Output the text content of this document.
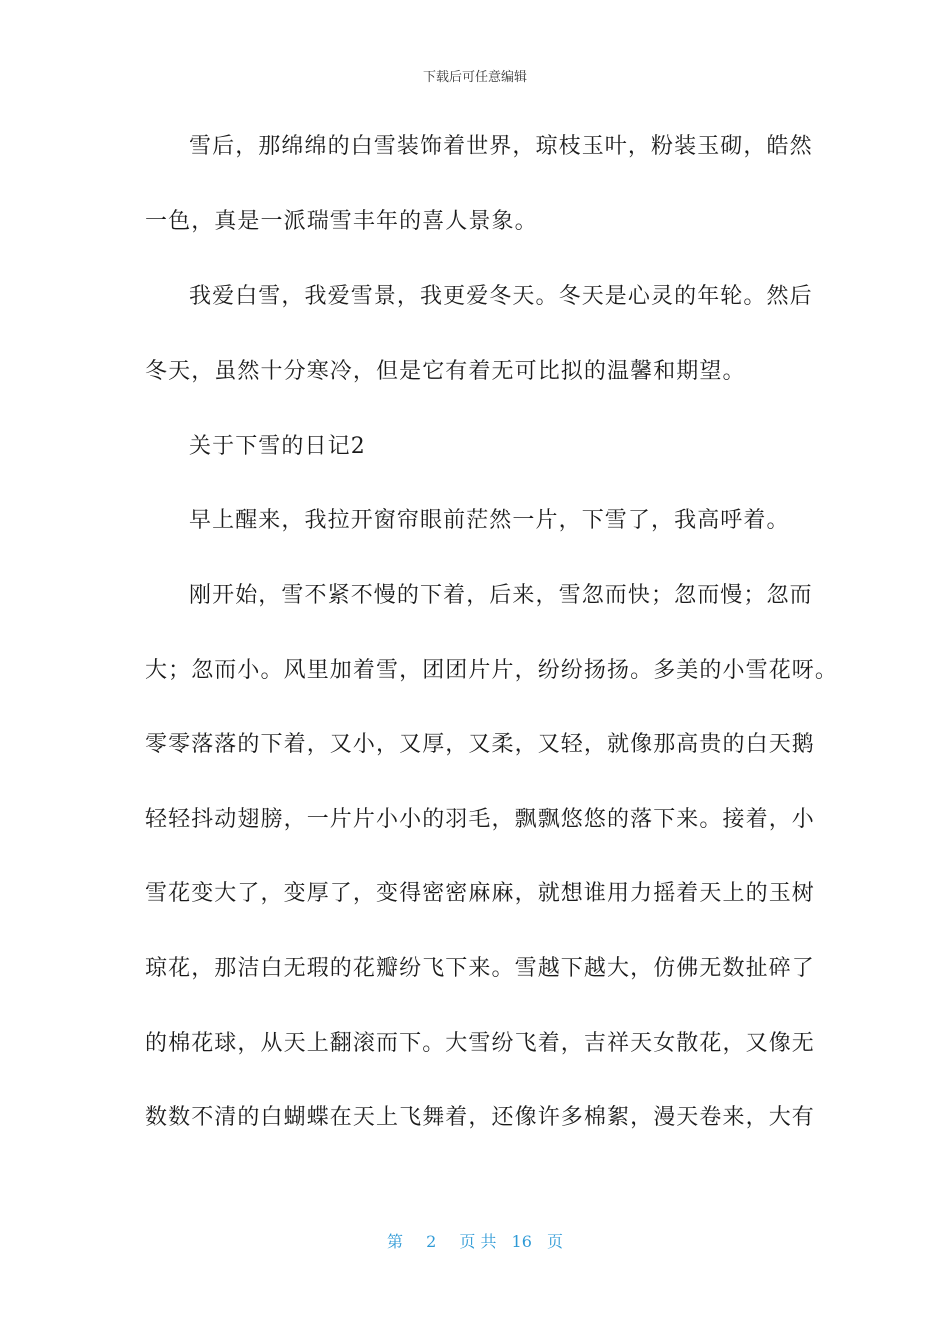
下载后可任意编辑
雪后，那绵绵的白雪装饰着世界，琼枝玉叶，粉装玉砌，皓然
一色，真是一派瑞雪丰年的喜人景象。
我爱白雪，我爱雪景，我更爱冬天。冬天是心灵的年轮。然后
冬天，虽然十分寒冷，但是它有着无可比拟的温馨和期望。
关于下雪的日记2
早上醒来，我拉开窗帘眼前茫然一片，下雪了，我高呼着。
刚开始，雪不紧不慢的下着，后来，雪忽而快；忽而慢；忽而
大；忽而小。风里加着雪，团团片片，纷纷扬扬。多美的小雪花呀。
零零落落的下着，又小，又厚，又柔，又轻，就像那高贵的白天鹅
轻轻抖动翅膀，一片片小小的羽毛，飘飘悠悠的落下来。接着，小
雪花变大了，变厚了，变得密密麻麻，就想谁用力摇着天上的玉树
琼花，那洁白无瑕的花瓣纷飞下来。雪越下越大，仿佛无数扯碎了
的棉花球，从天上翻滚而下。大雪纷飞着，吉祥天女散花，又像无
数数不清的白蝴蝶在天上飞舞着，还像许多棉絮，漫天卷来，大有
第 2 页 共 16 页
